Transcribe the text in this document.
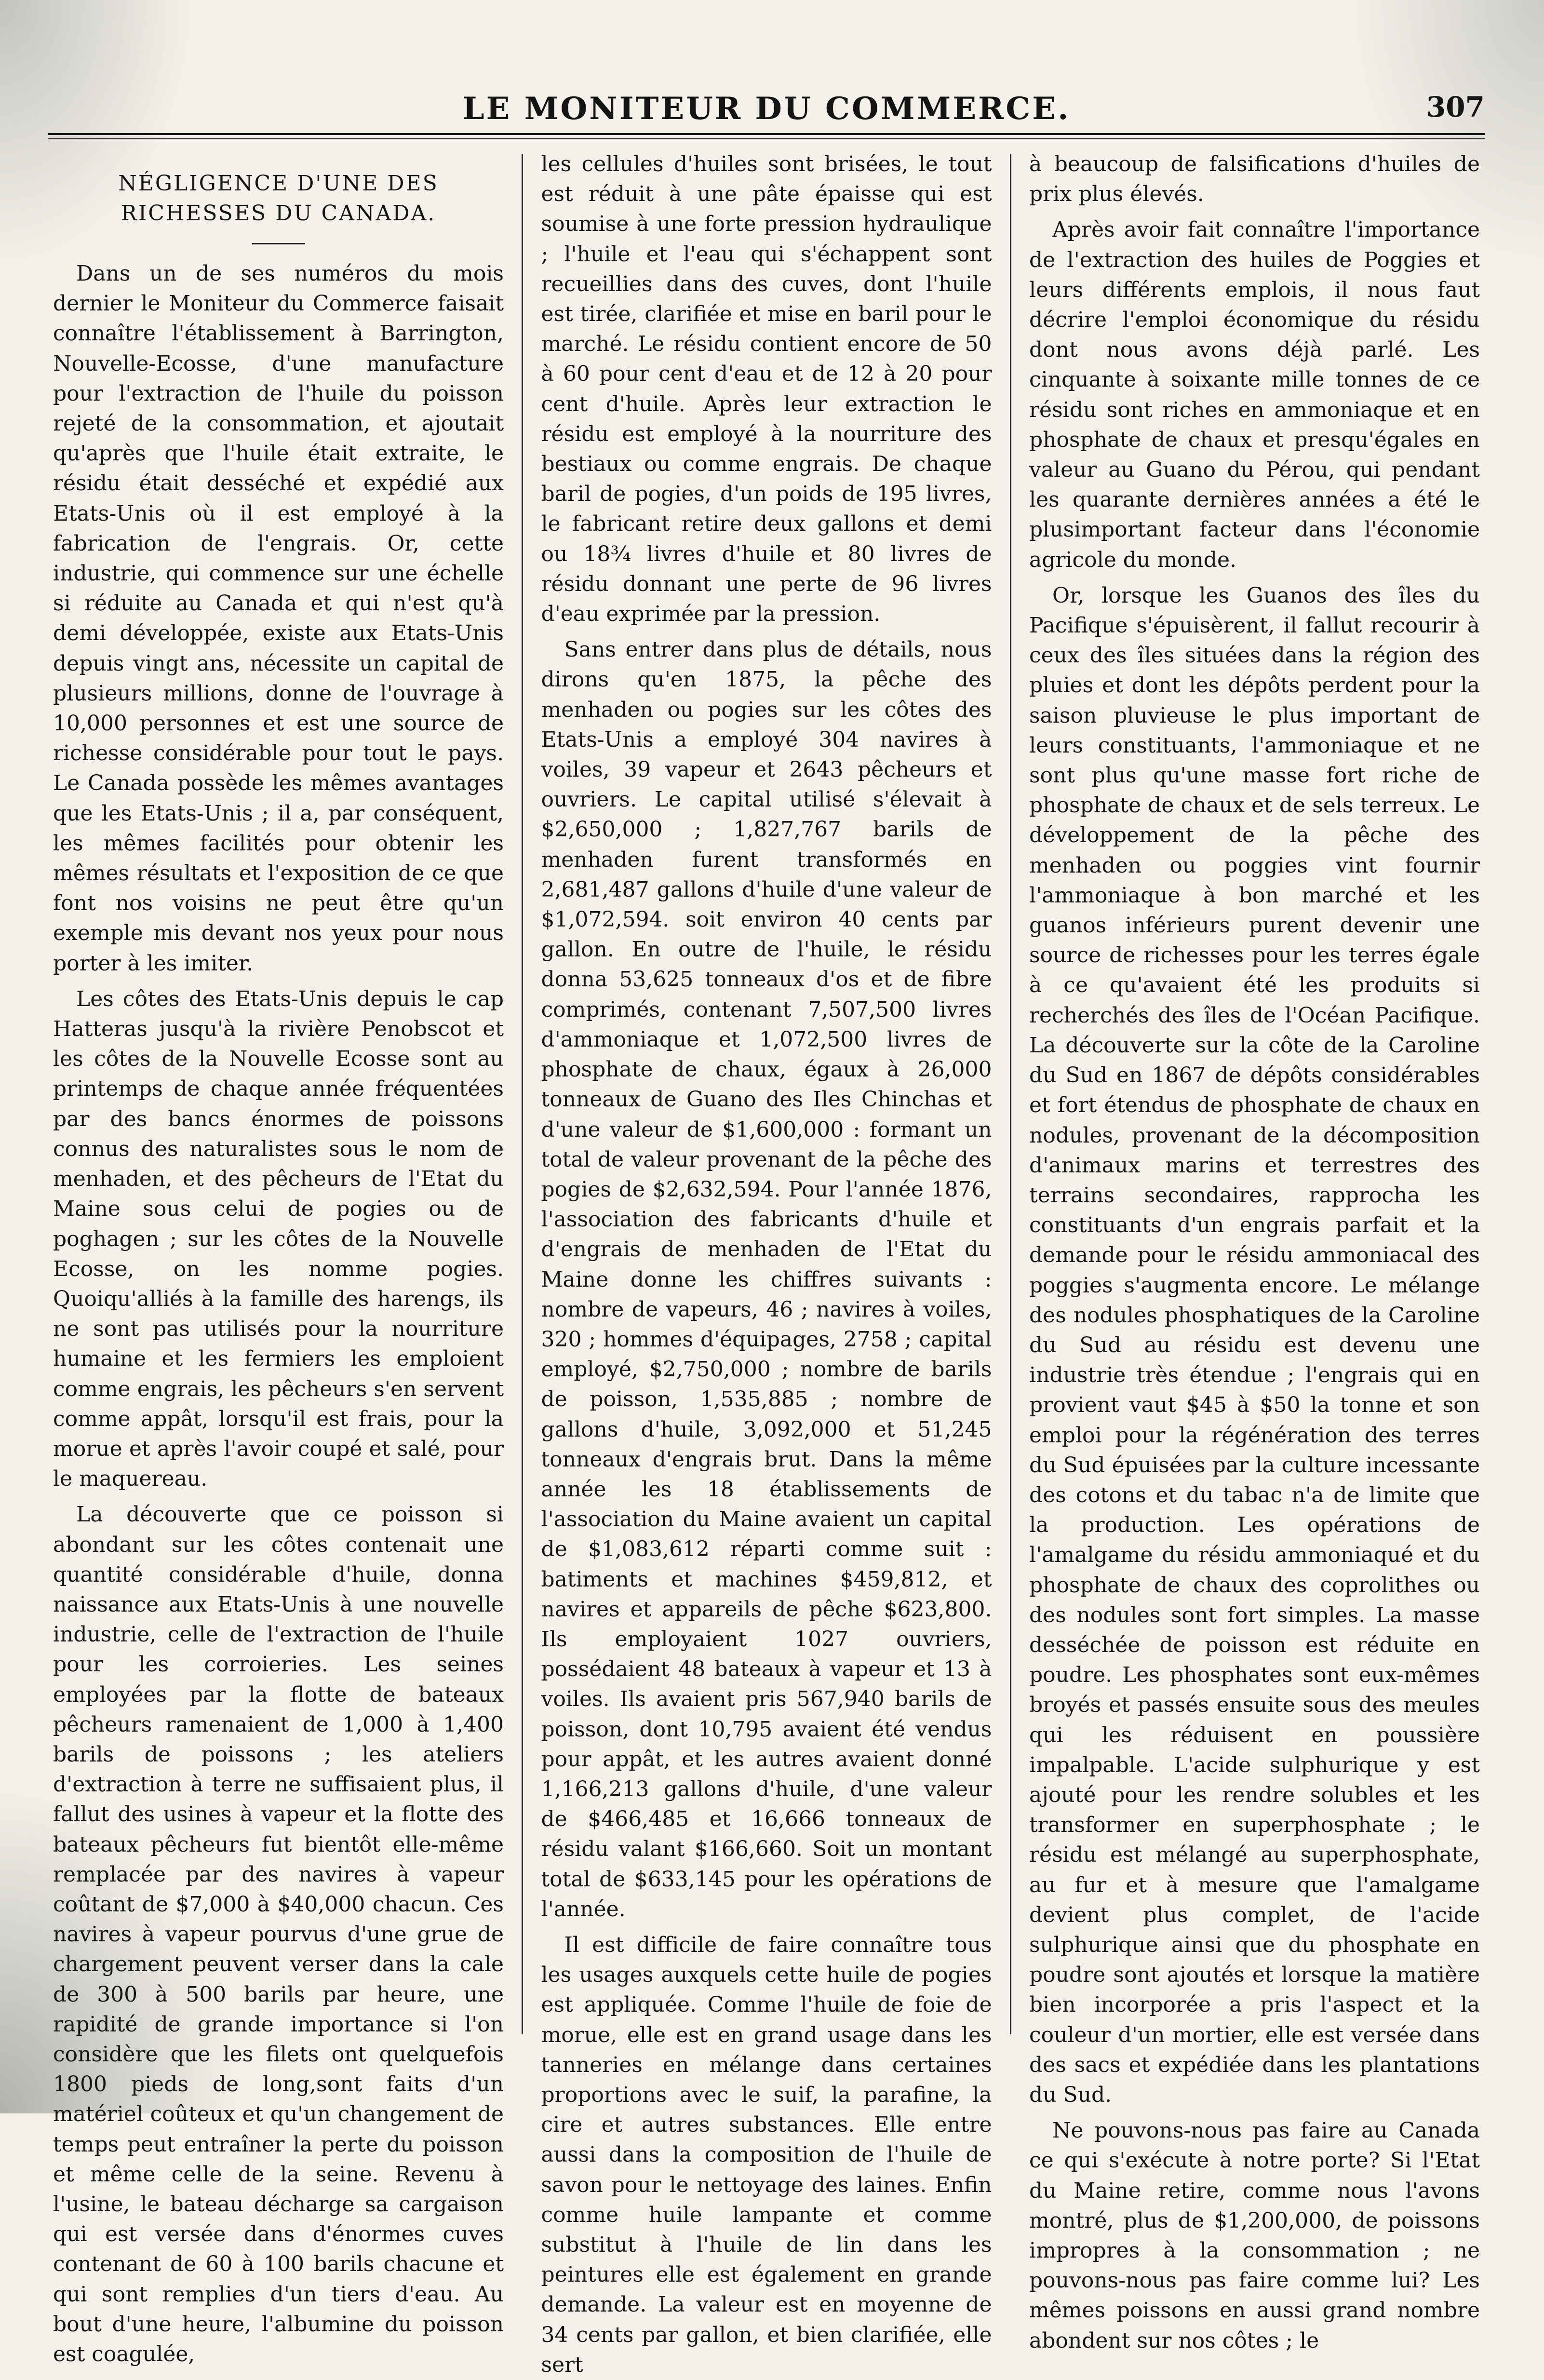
LE MONITEUR DU COMMERCE.	307
NÉGLIGENCE D'UNE DES RICHESSES DU CANADA.

Dans un de ses numéros du mois dernier le Moniteur du Commerce faisait connaître l'établissement à Barrington, Nouvelle-Ecosse, d'une manufacture pour l'extraction de l'huile du poisson rejeté de la consommation, et ajoutait qu'après que l'huile était extraite, le résidu était desséché et expédié aux Etats-Unis où il est employé à la fabrication de l'engrais. Or, cette industrie, qui commence sur une échelle si réduite au Canada et qui n'est qu'à demi développée, existe aux Etats-Unis depuis vingt ans, nécessite un capital de plusieurs millions, donne de l'ouvrage à 10,000 personnes et est une source de richesse considérable pour tout le pays. Le Canada possède les mêmes avantages que les Etats-Unis ; il a, par conséquent, les mêmes facilités pour obtenir les mêmes résultats et l'exposition de ce que font nos voisins ne peut être qu'un exemple mis devant nos yeux pour nous porter à les imiter.

Les côtes des Etats-Unis depuis le cap Hatteras jusqu'à la rivière Penobscot et les côtes de la Nouvelle Ecosse sont au printemps de chaque année fréquentées par des bancs énormes de poissons connus des naturalistes sous le nom de menhaden, et des pêcheurs de l'Etat du Maine sous celui de pogies ou de poghagen ; sur les côtes de la Nouvelle Ecosse, on les nomme pogies. Quoiqu'alliés à la famille des harengs, ils ne sont pas utilisés pour la nourriture humaine et les fermiers les emploient comme engrais, les pêcheurs s'en servent comme appât, lorsqu'il est frais, pour la morue et après l'avoir coupé et salé, pour le maquereau.

La découverte que ce poisson si abondant sur les côtes contenait une quantité considérable d'huile, donna naissance aux Etats-Unis à une nouvelle industrie, celle de l'extraction de l'huile pour les corroieries. Les seines employées par la flotte de bateaux pêcheurs ramenaient de 1,000 à 1,400 barils de poissons ; les ateliers d'extraction à terre ne suffisaient plus, il fallut des usines à vapeur et la flotte des bateaux pêcheurs fut bientôt elle-même remplacée par des navires à vapeur coûtant de $7,000 à $40,000 chacun. Ces navires à vapeur pourvus d'une grue de chargement peuvent verser dans la cale de 300 à 500 barils par heure, une rapidité de grande importance si l'on considère que les filets ont quelquefois 1800 pieds de long,sont faits d'un matériel coûteux et qu'un changement de temps peut entraîner la perte du poisson et même celle de la seine. Revenu à l'usine, le bateau décharge sa cargaison qui est versée dans d'énormes cuves contenant de 60 à 100 barils chacune et qui sont remplies d'un tiers d'eau. Au bout d'une heure, l'albumine du poisson est coagulée,

les cellules d'huiles sont brisées, le tout est réduit à une pâte épaisse qui est soumise à une forte pression hydraulique ; l'huile et l'eau qui s'échappent sont recueillies dans des cuves, dont l'huile est tirée, clarifiée et mise en baril pour le marché. Le résidu contient encore de 50 à 60 pour cent d'eau et de 12 à 20 pour cent d'huile. Après leur extraction le résidu est employé à la nourriture des bestiaux ou comme engrais. De chaque baril de pogies, d'un poids de 195 livres, le fabricant retire deux gallons et demi ou 18¾ livres d'huile et 80 livres de résidu donnant une perte de 96 livres d'eau exprimée par la pression.

Sans entrer dans plus de détails, nous dirons qu'en 1875, la pêche des menhaden ou pogies sur les côtes des Etats-Unis a employé 304 navires à voiles, 39 vapeur et 2643 pêcheurs et ouvriers. Le capital utilisé s'élevait à $2,650,000 ; 1,827,767 barils de menhaden furent transformés en 2,681,487 gallons d'huile d'une valeur de $1,072,594. soit environ 40 cents par gallon. En outre de l'huile, le résidu donna 53,625 tonneaux d'os et de fibre comprimés, contenant 7,507,500 livres d'ammoniaque et 1,072,500 livres de phosphate de chaux, égaux à 26,000 tonneaux de Guano des Iles Chinchas et d'une valeur de $1,600,000 : formant un total de valeur provenant de la pêche des pogies de $2,632,594. Pour l'année 1876, l'association des fabricants d'huile et d'engrais de menhaden de l'Etat du Maine donne les chiffres suivants : nombre de vapeurs, 46 ; navires à voiles, 320 ; hommes d'équipages, 2758 ; capital employé, $2,750,000 ; nombre de barils de poisson, 1,535,885 ; nombre de gallons d'huile, 3,092,000 et 51,245 tonneaux d'engrais brut. Dans la même année les 18 établissements de l'association du Maine avaient un capital de $1,083,612 réparti comme suit : batiments et machines $459,812, et navires et appareils de pêche $623,800. Ils employaient 1027 ouvriers, possédaient 48 bateaux à vapeur et 13 à voiles. Ils avaient pris 567,940 barils de poisson, dont 10,795 avaient été vendus pour appât, et les autres avaient donné 1,166,213 gallons d'huile, d'une valeur de $466,485 et 16,666 tonneaux de résidu valant $166,660. Soit un montant total de $633,145 pour les opérations de l'année.

Il est difficile de faire connaître tous les usages auxquels cette huile de pogies est appliquée. Comme l'huile de foie de morue, elle est en grand usage dans les tanneries en mélange dans certaines proportions avec le suif, la parafine, la cire et autres substances. Elle entre aussi dans la composition de l'huile de savon pour le nettoyage des laines. Enfin comme huile lampante et comme substitut à l'huile de lin dans les peintures elle est également en grande demande. La valeur est en moyenne de 34 cents par gallon, et bien clarifiée, elle sert

à beaucoup de falsifications d'huiles de prix plus élevés.

Après avoir fait connaître l'importance de l'extraction des huiles de Poggies et leurs différents emplois, il nous faut décrire l'emploi économique du résidu dont nous avons déjà parlé. Les cinquante à soixante mille tonnes de ce résidu sont riches en ammoniaque et en phosphate de chaux et presqu'égales en valeur au Guano du Pérou, qui pendant les quarante dernières années a été le plusimportant facteur dans l'économie agricole du monde.

Or, lorsque les Guanos des îles du Pacifique s'épuisèrent, il fallut recourir à ceux des îles situées dans la région des pluies et dont les dépôts perdent pour la saison pluvieuse le plus important de leurs constituants, l'ammoniaque et ne sont plus qu'une masse fort riche de phosphate de chaux et de sels terreux. Le développement de la pêche des menhaden ou poggies vint fournir l'ammoniaque à bon marché et les guanos inférieurs purent devenir une source de richesses pour les terres égale à ce qu'avaient été les produits si recherchés des îles de l'Océan Pacifique. La découverte sur la côte de la Caroline du Sud en 1867 de dépôts considérables et fort étendus de phosphate de chaux en nodules, provenant de la décomposition d'animaux marins et terrestres des terrains secondaires, rapprocha les constituants d'un engrais parfait et la demande pour le résidu ammoniacal des poggies s'augmenta encore. Le mélange des nodules phosphatiques de la Caroline du Sud au résidu est devenu une industrie très étendue ; l'engrais qui en provient vaut $45 à $50 la tonne et son emploi pour la régénération des terres du Sud épuisées par la culture incessante des cotons et du tabac n'a de limite que la production. Les opérations de l'amalgame du résidu ammoniaqué et du phosphate de chaux des coprolithes ou des nodules sont fort simples. La masse desséchée de poisson est réduite en poudre. Les phosphates sont eux-mêmes broyés et passés ensuite sous des meules qui les réduisent en poussière impalpable. L'acide sulphurique y est ajouté pour les rendre solubles et les transformer en superphosphate ; le résidu est mélangé au superphosphate, au fur et à mesure que l'amalgame devient plus complet, de l'acide sulphurique ainsi que du phosphate en poudre sont ajoutés et lorsque la matière bien incorporée a pris l'aspect et la couleur d'un mortier, elle est versée dans des sacs et expédiée dans les plantations du Sud.

Ne pouvons-nous pas faire au Canada ce qui s'exécute à notre porte? Si l'Etat du Maine retire, comme nous l'avons montré, plus de $1,200,000, de poissons impropres à la consommation ; ne pouvons-nous pas faire comme lui? Les mêmes poissons en aussi grand nombre abondent sur nos côtes ; le
